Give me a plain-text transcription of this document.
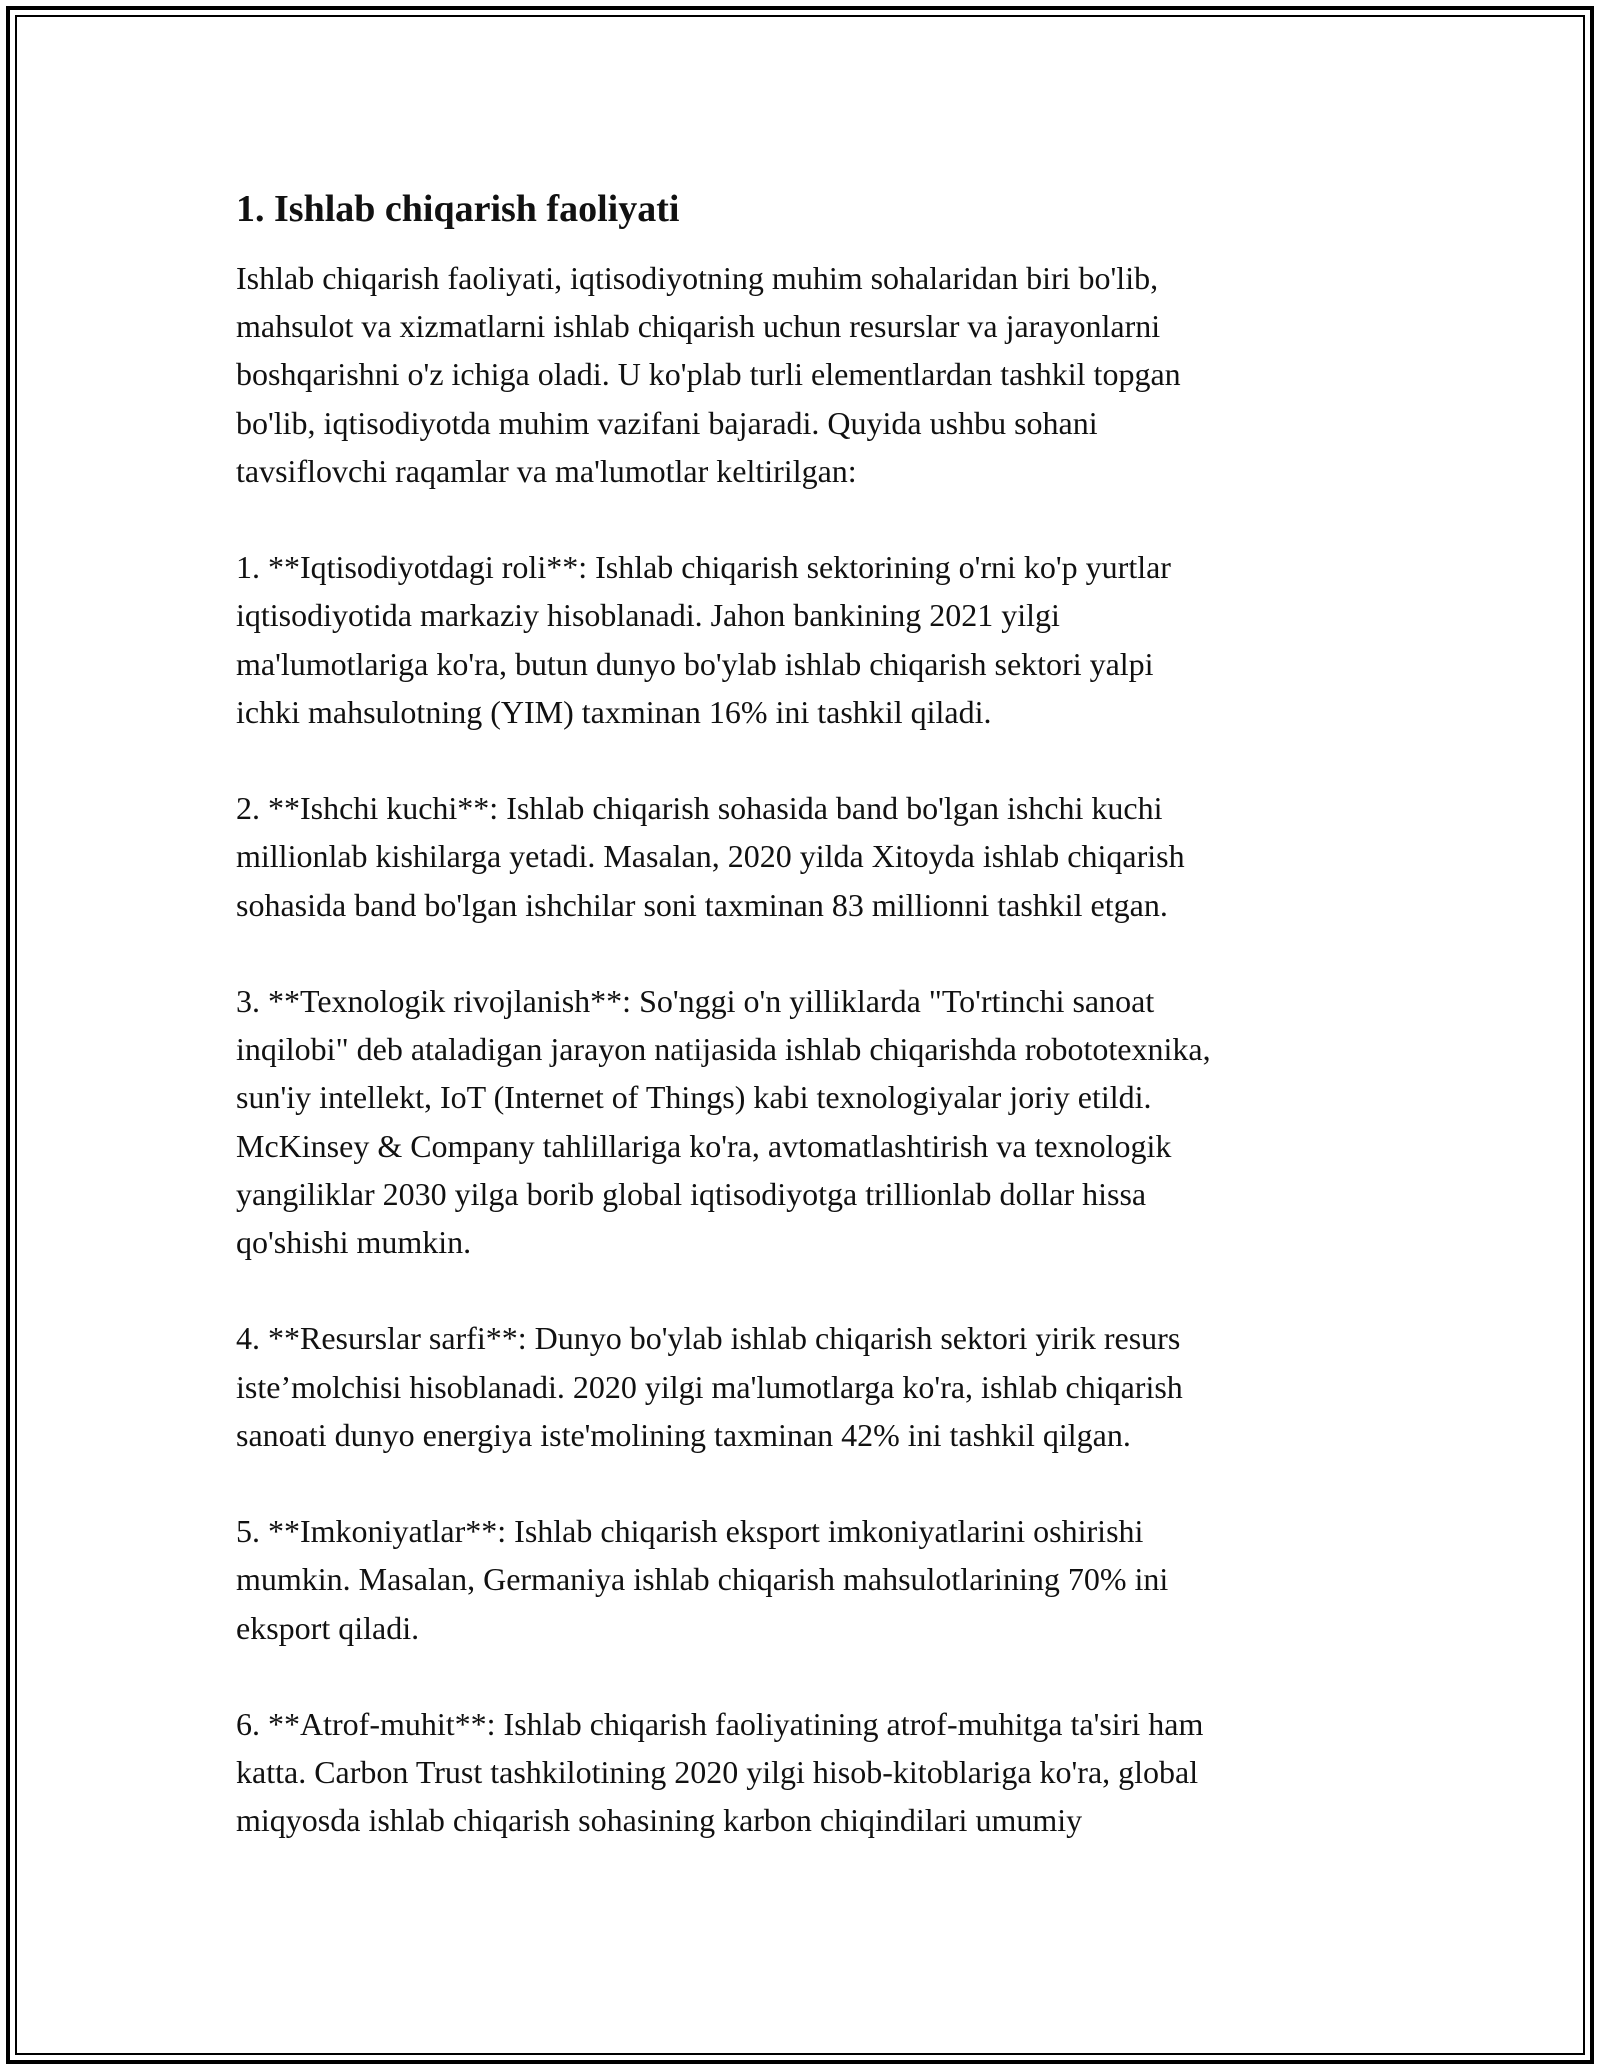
1. Ishlab chiqarish faoliyati

Ishlab chiqarish faoliyati, iqtisodiyotning muhim sohalaridan biri bo'lib,
mahsulot va xizmatlarni ishlab chiqarish uchun resurslar va jarayonlarni
boshqarishni o'z ichiga oladi. U ko'plab turli elementlardan tashkil topgan
bo'lib, iqtisodiyotda muhim vazifani bajaradi. Quyida ushbu sohani
tavsiflovchi raqamlar va ma'lumotlar keltirilgan:

1. **Iqtisodiyotdagi roli**: Ishlab chiqarish sektorining o'rni ko'p yurtlar
iqtisodiyotida markaziy hisoblanadi. Jahon bankining 2021 yilgi
ma'lumotlariga ko'ra, butun dunyo bo'ylab ishlab chiqarish sektori yalpi
ichki mahsulotning (YIM) taxminan 16% ini tashkil qiladi.

2. **Ishchi kuchi**: Ishlab chiqarish sohasida band bo'lgan ishchi kuchi
millionlab kishilarga yetadi. Masalan, 2020 yilda Xitoyda ishlab chiqarish
sohasida band bo'lgan ishchilar soni taxminan 83 millionni tashkil etgan.

3. **Texnologik rivojlanish**: So'nggi o'n yilliklarda "To'rtinchi sanoat
inqilobi" deb ataladigan jarayon natijasida ishlab chiqarishda robototexnika,
sun'iy intellekt, IoT (Internet of Things) kabi texnologiyalar joriy etildi.
McKinsey & Company tahlillariga ko'ra, avtomatlashtirish va texnologik
yangiliklar 2030 yilga borib global iqtisodiyotga trillionlab dollar hissa
qo'shishi mumkin.

4. **Resurslar sarfi**: Dunyo bo'ylab ishlab chiqarish sektori yirik resurs
iste’molchisi hisoblanadi. 2020 yilgi ma'lumotlarga ko'ra, ishlab chiqarish
sanoati dunyo energiya iste'molining taxminan 42% ini tashkil qilgan.

5. **Imkoniyatlar**: Ishlab chiqarish eksport imkoniyatlarini oshirishi
mumkin. Masalan, Germaniya ishlab chiqarish mahsulotlarining 70% ini
eksport qiladi.

6. **Atrof-muhit**: Ishlab chiqarish faoliyatining atrof-muhitga ta'siri ham
katta. Carbon Trust tashkilotining 2020 yilgi hisob-kitoblariga ko'ra, global
miqyosda ishlab chiqarish sohasining karbon chiqindilari umumiy
